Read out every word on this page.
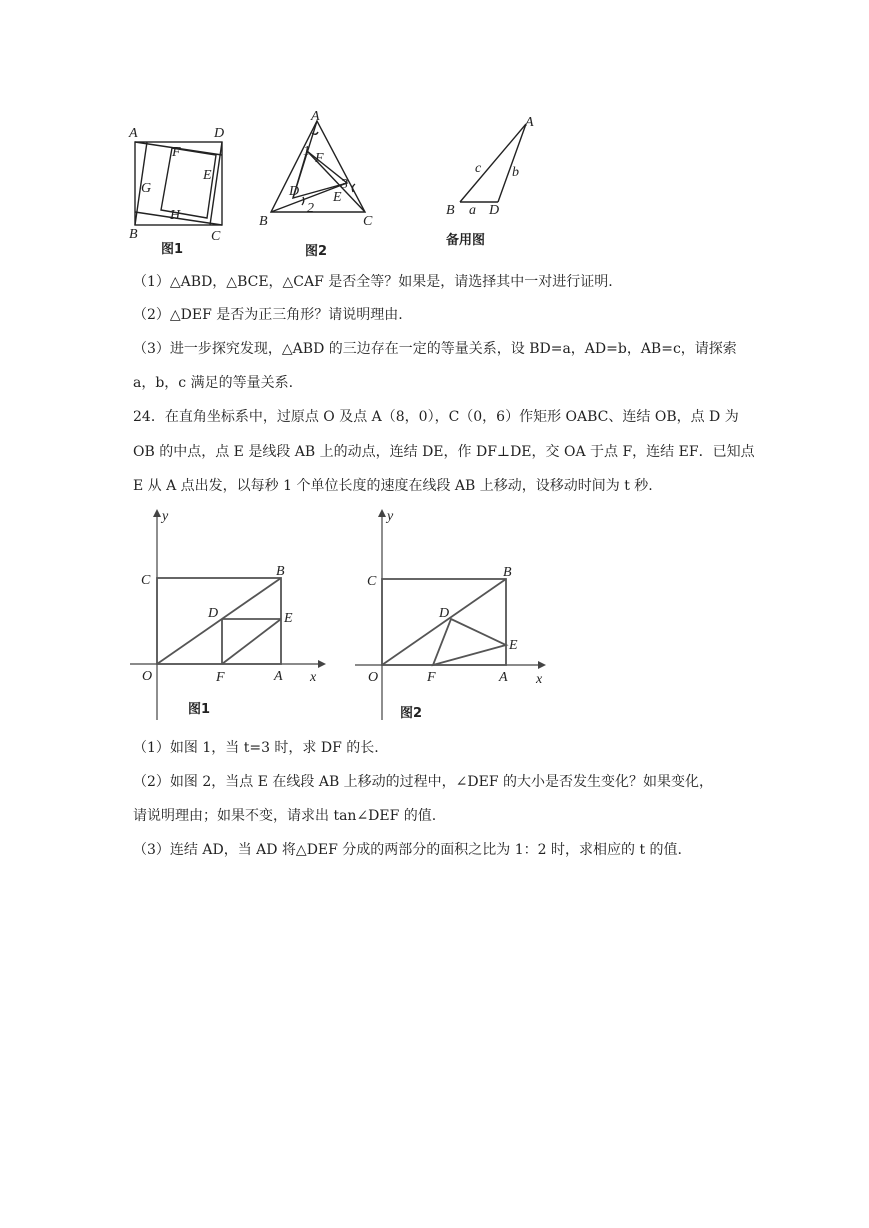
A	D
B	C
F
E
G
H
图1
A
B	C
D E
F
1
2
3
图2
A
B D
a
b
c
备用图

（1）△ABD，△BCE，△CAF 是否全等？如果是，请选择其中一对进行证明.

（2）△DEF 是否为正三角形？请说明理由.

（3）进一步探究发现，△ABD 的三边存在一定的等量关系，设 BD=a，AD=b，AB=c，请探索

a，b，c 满足的等量关系.

24．在直角坐标系中，过原点 O 及点 A（8，0），C（0，6）作矩形 OABC、连结 OB，点 D 为

OB 的中点，点 E 是线段 AB 上的动点，连结 DE，作 DF⊥DE，交 OA 于点 F，连结 EF．已知点

E 从 A 点出发，以每秒 1 个单位长度的速度在线段 AB 上移动，设移动时间为 t 秒.

y
x
O	A
B
C
D	E
F
图1
y
x
O	A
B
C
D
E
F
图2

（1）如图 1，当 t=3 时，求 DF 的长.

（2）如图 2，当点 E 在线段 AB 上移动的过程中，∠DEF 的大小是否发生变化？如果变化，

请说明理由；如果不变，请求出 tan∠DEF 的值.

（3）连结 AD，当 AD 将△DEF 分成的两部分的面积之比为 1：2 时，求相应的 t 的值.
